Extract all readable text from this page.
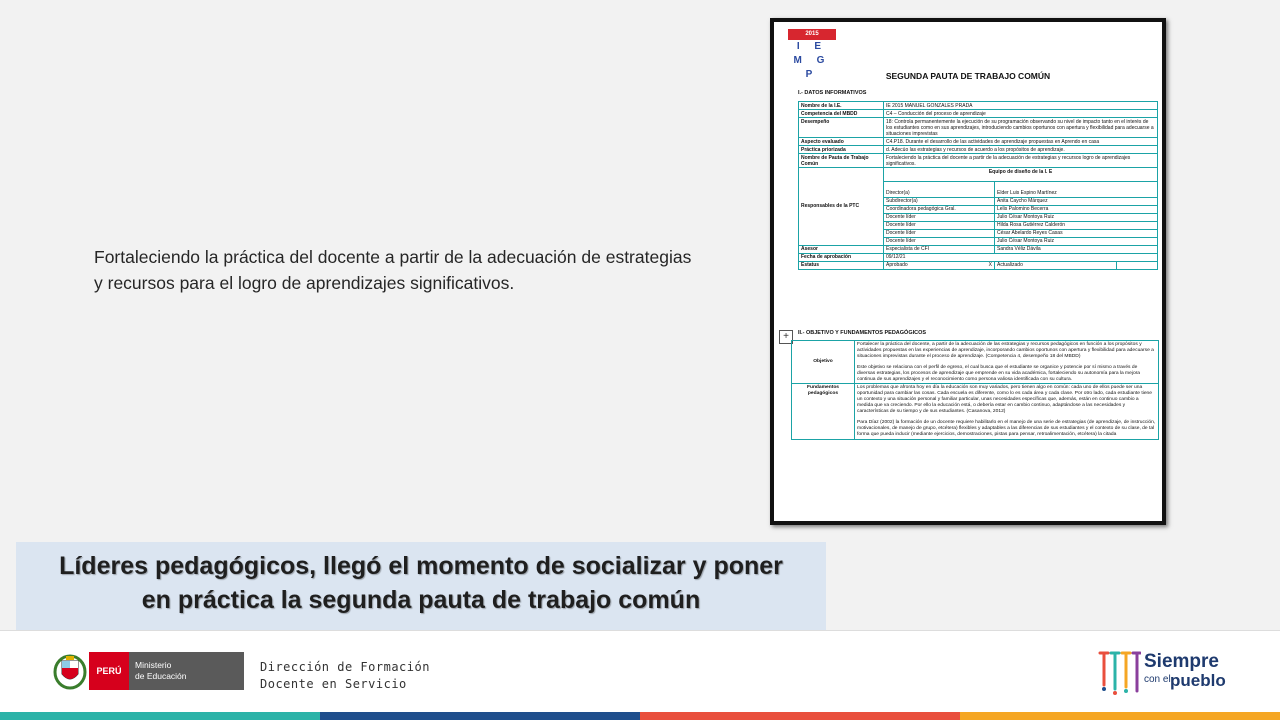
Fortaleciendo la práctica del docente a partir de la adecuación de estrategias y recursos para el logro de aprendizajes significativos.
2015
I E
M G P	SEGUNDA PAUTA DE TRABAJO COMÚN
I.- DATOS INFORMATIVOS
Nombre de la I.E.	IE 2015 MANUEL GONZALES PRADA		
Competencia del MBDD	C4 – Conducción del proceso de aprendizaje		
Desempeño	18: Controla permanentemente la ejecución de su programación observando su nivel de impacto tanto en el interés de los estudiantes como en sus aprendizajes, introduciendo cambios oportunos con apertura y flexibilidad para adecuarse a situaciones imprevistas		
Aspecto evaluado	C4.P18. Durante el desarrollo de las actividades de aprendizaje propuestas en Aprendo en casa		
Práctica priorizada	d. Adecúo las estrategias y recursos de acuerdo a los propósitos de aprendizaje.		
Nombre de Pauta de Trabajo Común	Fortaleciendo la práctica del docente a partir de la adecuación de estrategias y recursos logro de aprendizajes significativos.		
Responsables de la PTC	Equipo de diseño de la I. E		
	Director(a)	Elder Luis Espino Martínez	
	Subdirector(a)	Anita Caycho Márquez	
	Coordinadora pedagógica Gral.	Lelis Palomino Becerra	
	Docente líder	Julio César Montoya Ruiz	
	Docente líder	Hilda Rosa Gutiérrez Calderón	
	Docente líder	César Abelardo Reyes Casas	
	Docente líder	Julio César Montoya Ruiz	
Asesor	Especialista de CFI	Sandra Véliz Dávila	
Fecha de aprobación	09/12/21		
Estatus	Aprobado X	Actualizado	
+	II.- OBJETIVO Y FUNDAMENTOS PEDAGÓGICOS
Objetivo	Fortalecer la práctica del docente, a partir de la adecuación de las estrategias y recursos pedagógicos en función a los propósitos y actividades propuestas en las experiencias de aprendizaje, incorporando cambios oportunos con apertura y flexibilidad para adecuarse a situaciones imprevistas durante el proceso de aprendizaje. (Competencia 4, desempeño 18 del MBDD)
Este objetivo se relaciona con el perfil de egreso, el cual busca que el estudiante se organice y potencie por sí mismo a través de diversas estrategias, los procesos de aprendizaje que emprende en su vida académica, fortaleciendo su autonomía para la mejora continua de sus aprendizajes y el reconocimiento como persona valiosa identificada con su cultura.

Fundamentos pedagógicos	Los problemas que afronta hoy en día la educación son muy variados, pero tienen algo en común: cada uno de ellos puede ser una oportunidad para cambiar las cosas. Cada escuela es diferente, como lo es cada área y cada clase. Por otro lado, cada estudiante tiene un contexto y una situación personal y familiar particular, unas necesidades específicas que, además, están en continuo cambio a medida que va creciendo. Por ello la educación está, o debería estar en cambio continuo, adaptándose a las necesidades y características de su tiempo y de sus estudiantes. (Casanova, 2012)
Para Díaz (2002) la formación de un docente requiere habilitarlo en el manejo de una serie de estrategias (de aprendizaje, de instrucción, motivacionales, de manejo de grupo, etcétera) flexibles y adaptables a las diferencias de sus estudiantes y el contexto de su clase, de tal forma que pueda inducir (mediante ejercicios, demostraciones, pistas para pensar, retroalimentación, etcétera) la citada
Líderes pedagógicos, llegó el momento de socializar y poner
en práctica la segunda pauta de trabajo común
PERÚ
Ministerio
de Educación
Dirección de Formación
Docente en Servicio
Siempre
con el pueblo
